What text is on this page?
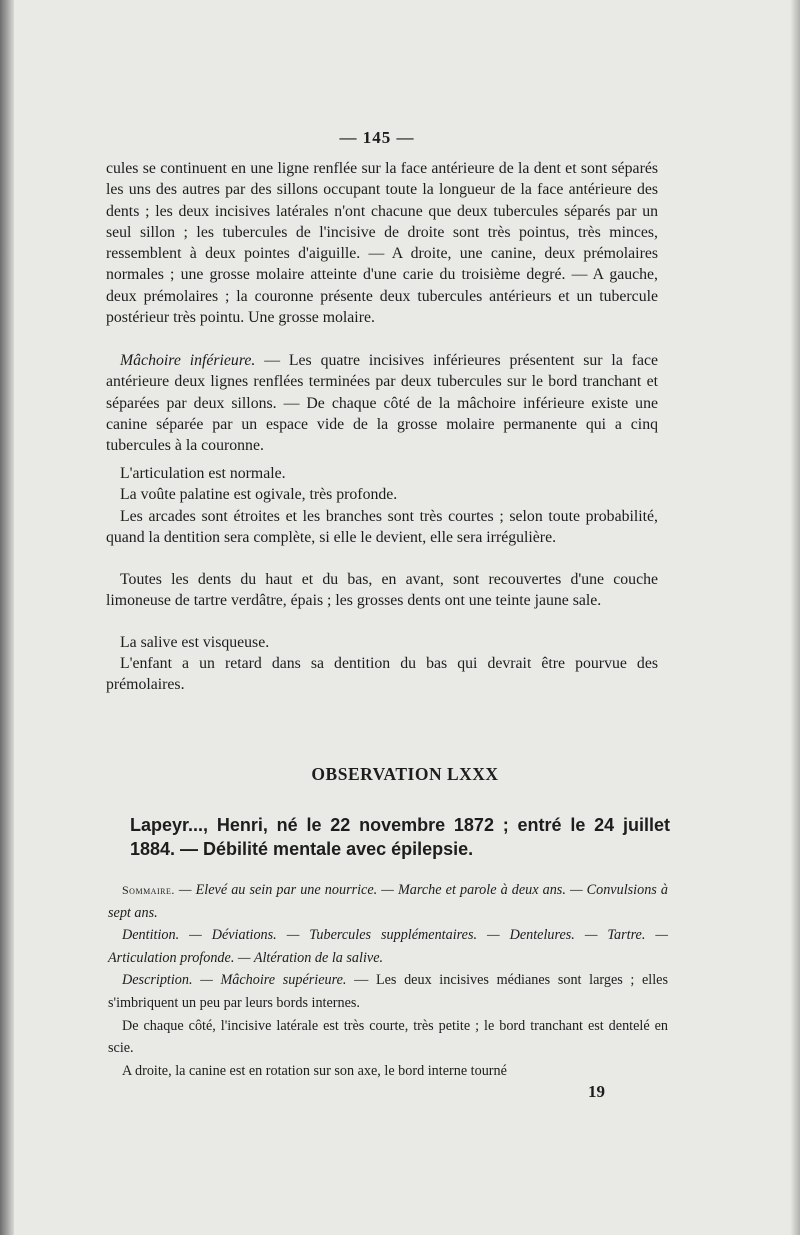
— 145 —

cules se continuent en une ligne renflée sur la face antérieure de la dent et sont séparés les uns des autres par des sillons occupant toute la longueur de la face antérieure des dents ; les deux incisives latérales n'ont chacune que deux tubercules séparés par un seul sillon ; les tubercules de l'incisive de droite sont très pointus, très minces, ressemblent à deux pointes d'aiguille. — A droite, une canine, deux prémolaires normales ; une grosse molaire atteinte d'une carie du troisième degré. — A gauche, deux prémolaires ; la couronne présente deux tubercules antérieurs et un tubercule postérieur très pointu. Une grosse molaire.

Mâchoire inférieure. — Les quatre incisives inférieures présentent sur la face antérieure deux lignes renflées terminées par deux tubercules sur le bord tranchant et séparées par deux sillons. — De chaque côté de la mâchoire inférieure existe une canine séparée par un espace vide de la grosse molaire permanente qui a cinq tubercules à la couronne.

L'articulation est normale.

La voûte palatine est ogivale, très profonde.

Les arcades sont étroites et les branches sont très courtes ; selon toute probabilité, quand la dentition sera complète, si elle le devient, elle sera irrégulière.

Toutes les dents du haut et du bas, en avant, sont recouvertes d'une couche limoneuse de tartre verdâtre, épais ; les grosses dents ont une teinte jaune sale.

La salive est visqueuse.

L'enfant a un retard dans sa dentition du bas qui devrait être pourvue des prémolaires.

OBSERVATION LXXX

Lapeyr..., Henri, né le 22 novembre 1872 ; entré le 24 juillet 1884. — Débilité mentale avec épilepsie.

Sommaire. — Elevé au sein par une nourrice. — Marche et parole à deux ans. — Convulsions à sept ans.
Dentition. — Déviations. — Tubercules supplémentaires. — Dentelures. — Tartre. — Articulation profonde. — Altération de la salive.
Description. — Mâchoire supérieure. — Les deux incisives médianes sont larges ; elles s'imbriquent un peu par leurs bords internes.
De chaque côté, l'incisive latérale est très courte, très petite ; le bord tranchant est dentelé en scie.
A droite, la canine est en rotation sur son axe, le bord interne tourné
19
